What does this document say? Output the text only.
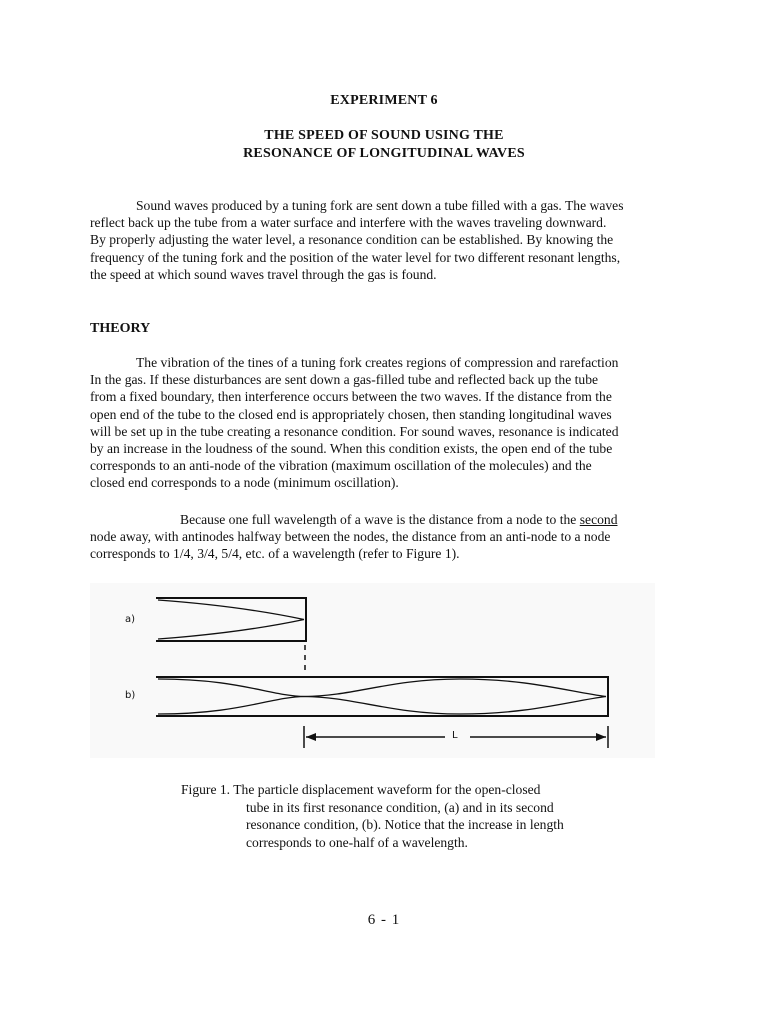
EXPERIMENT 6
THE SPEED OF SOUND USING THE
RESONANCE OF LONGITUDINAL WAVES
Sound waves produced by a tuning fork are sent down a tube filled with a gas. The waves
reflect back up the tube from a water surface and interfere with the waves traveling downward.
By properly adjusting the water level, a resonance condition can be established. By knowing the
frequency of the tuning fork and the position of the water level for two different resonant lengths,
the speed at which sound waves travel through the gas is found.
THEORY
The vibration of the tines of a tuning fork creates regions of compression and rarefaction
In the gas. If these disturbances are sent down a gas-filled tube and reflected back up the tube
from a fixed boundary, then interference occurs between the two waves. If the distance from the
open end of the tube to the closed end is appropriately chosen, then standing longitudinal waves
will be set up in the tube creating a resonance condition. For sound waves, resonance is indicated
by an increase in the loudness of the sound. When this condition exists, the open end of the tube
corresponds to an anti-node of the vibration (maximum oscillation of the molecules) and the
closed end corresponds to a node (minimum oscillation).
Because one full wavelength of a wave is the distance from a node to the second
node away, with antinodes halfway between the nodes, the distance from an anti-node to a node
corresponds to 1/4, 3/4, 5/4, etc. of a wavelength (refer to Figure 1).
a)
b)
L
Figure 1. The particle displacement waveform for the open-closed
tube in its first resonance condition, (a) and in its second
resonance condition, (b). Notice that the increase in length
corresponds to one-half of a wavelength.
6 - 1
